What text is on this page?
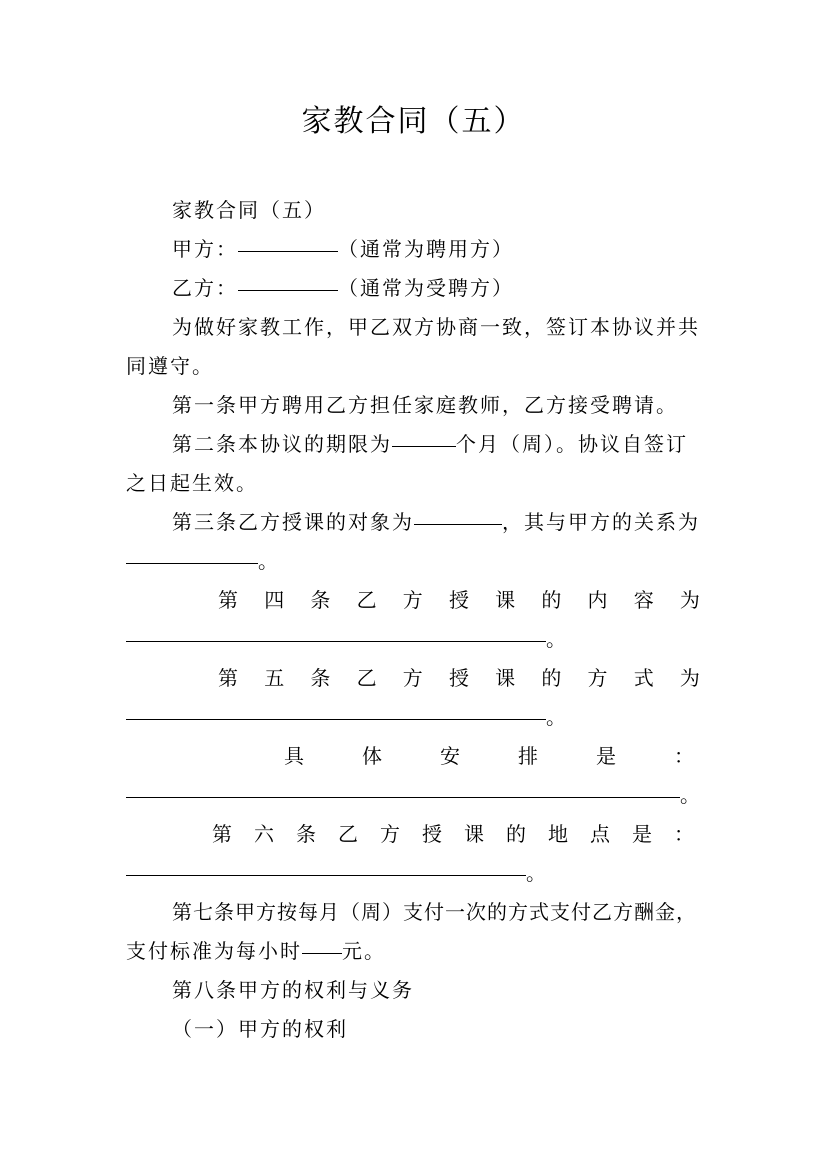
家教合同（五）
家教合同（五）
甲方：	（通常为聘用方）
乙方：	（通常为受聘方）
为做好家教工作，甲乙双方协商一致，签订本协议并共
同遵守。
第一条甲方聘用乙方担任家庭教师，乙方接受聘请。
第二条本协议的期限为	个月（周）。协议自签订
之日起生效。
第三条乙方授课的对象为	，其与甲方的关系为
。
第 四 条 乙 方 授 课 的 内 容 为
。
第 五 条 乙 方 授 课 的 方 式 为
。
具	体	安	排	是	：
。
第 六 条 乙 方 授 课 的 地 点 是 ：
。
第七条甲方按每月（周）支付一次的方式支付乙方酬金，
支付标准为每小时 元。
第八条甲方的权利与义务
（一）甲方的权利
